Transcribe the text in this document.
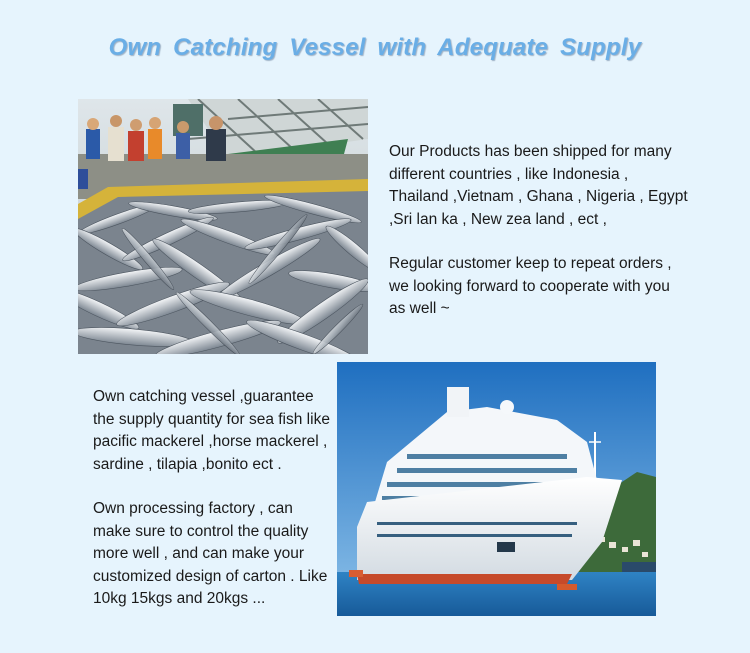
Own Catching Vessel with Adequate Supply

Our Products has been shipped for many different countries , like Indonesia , Thailand ,Vietnam , Ghana , Nigeria , Egypt ,Sri lan ka , New zea land , ect ,

Regular customer keep to repeat orders , we looking forward to cooperate with you as well ~

Own catching vessel ,guarantee the supply quantity for sea fish like pacific mackerel ,horse mackerel , sardine , tilapia ,bonito ect .

Own processing factory , can make sure to control the quality more well , and can make your customized design of carton . Like 10kg 15kgs and 20kgs ...
